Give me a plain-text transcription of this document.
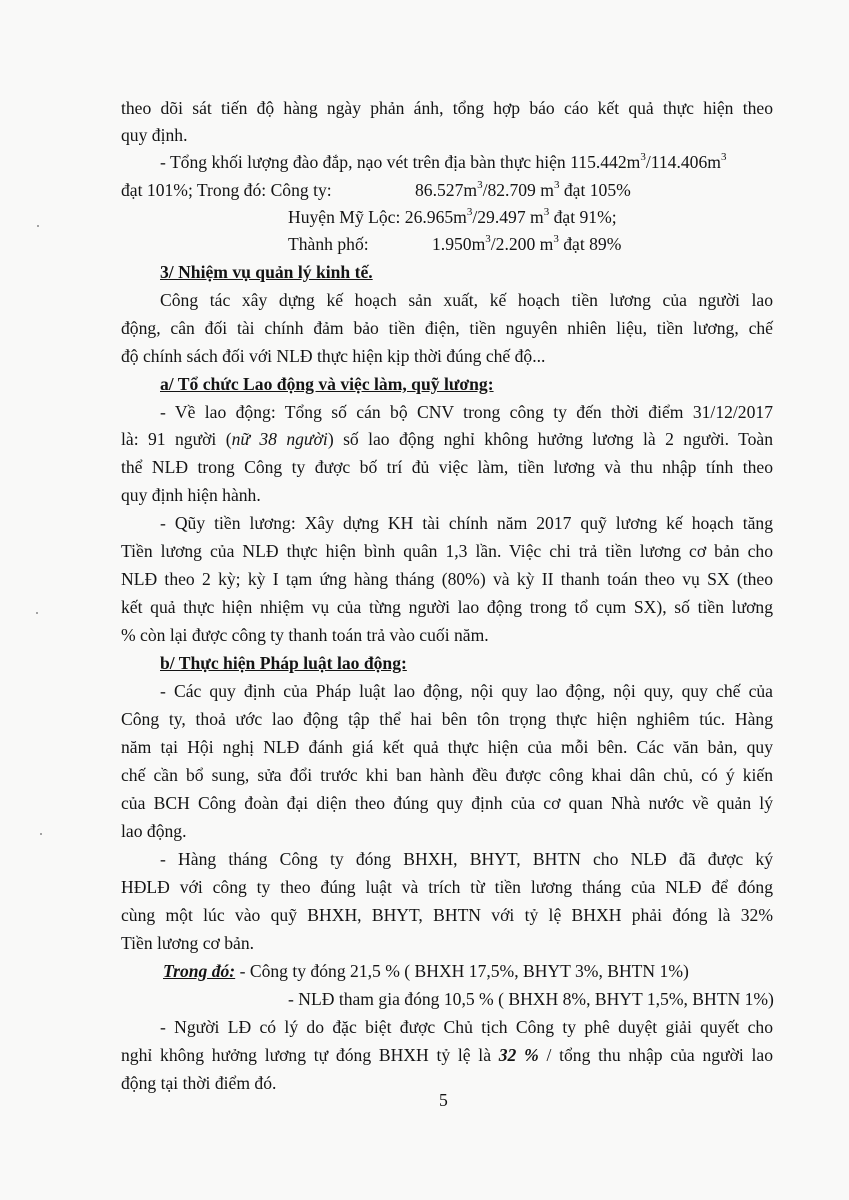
theo dõi sát tiến độ hàng ngày phản ánh, tổng hợp báo cáo kết quả thực hiện theo
quy định.
- Tổng khối lượng đào đắp, nạo vét trên địa bàn thực hiện $115.442m^3/114.406m^3$
đạt 101%; Trong đó: Công ty:	$86.527m^3/82.709$ $m^3$ đạt 105%
Huyện Mỹ Lộc: $26.965m^3/29.497$ $m^3$ đạt 91%;
Thành phố:	$1.950m^3/2.200$ $m^3$ đạt 89%
3/ Nhiệm vụ quản lý kinh tế.
Công tác xây dựng kế hoạch sản xuất, kế hoạch tiền lương của người lao
động, cân đối tài chính đảm bảo tiền điện, tiền nguyên nhiên liệu, tiền lương, chế
độ chính sách đối với NLĐ thực hiện kịp thời đúng chế độ...
a/ Tổ chức Lao động và việc làm, quỹ lương:
- Về lao động: Tổng số cán bộ CNV trong công ty đến thời điểm 31/12/2017
là: 91 người (nữ 38 người) số lao động nghỉ không hưởng lương là 2 người. Toàn
thể NLĐ trong Công ty được bố trí đủ việc làm, tiền lương và thu nhập tính theo
quy định hiện hành.
- Qũy tiền lương: Xây dựng KH tài chính năm 2017 quỹ lương kế hoạch tăng
Tiền lương của NLĐ thực hiện bình quân 1,3 lần. Việc chi trả tiền lương cơ bản cho
NLĐ theo 2 kỳ; kỳ I tạm ứng hàng tháng (80%) và kỳ II thanh toán theo vụ SX (theo
kết quả thực hiện nhiệm vụ của từng người lao động trong tổ cụm SX), số tiền lương
% còn lại được công ty thanh toán trả vào cuối năm.
b/ Thực hiện Pháp luật lao động:
- Các quy định của Pháp luật lao động, nội quy lao động, nội quy, quy chế của
Công ty, thoả ước lao động tập thể hai bên tôn trọng thực hiện nghiêm túc. Hàng
năm tại Hội nghị NLĐ đánh giá kết quả thực hiện của mỗi bên. Các văn bản, quy
chế cần bổ sung, sửa đổi trước khi ban hành đều được công khai dân chủ, có ý kiến
của BCH Công đoàn đại diện theo đúng quy định của cơ quan Nhà nước về quản lý
lao động.
- Hàng tháng Công ty đóng BHXH, BHYT, BHTN cho NLĐ đã được ký
HĐLĐ với công ty theo đúng luật và trích từ tiền lương tháng của NLĐ để đóng
cùng một lúc vào quỹ BHXH, BHYT, BHTN với tỷ lệ BHXH phải đóng là 32%
Tiền lương cơ bản.
Trong đó: - Công ty đóng 21,5 % ( BHXH 17,5%, BHYT 3%, BHTN 1%)
- NLĐ tham gia đóng 10,5 % ( BHXH 8%, BHYT 1,5%, BHTN 1%)
- Người LĐ có lý do đặc biệt được Chủ tịch Công ty phê duyệt giải quyết cho
nghỉ không hưởng lương tự đóng BHXH tỷ lệ là 32 % / tổng thu nhập của người lao
động tại thời điểm đó.
5
